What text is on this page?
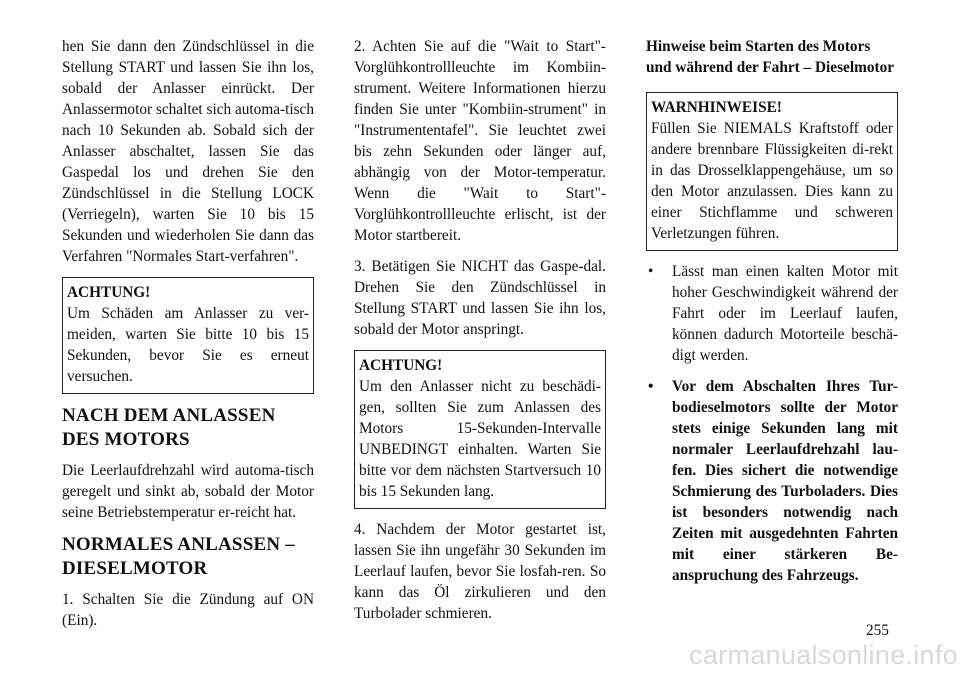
hen Sie dann den Zündschlüssel in die Stellung START und lassen Sie ihn los, sobald der Anlasser einrückt. Der Anlassermotor schaltet sich automa-tisch nach 10 Sekunden ab. Sobald sich der Anlasser abschaltet, lassen Sie das Gaspedal los und drehen Sie den Zündschlüssel in die Stellung LOCK (Verriegeln), warten Sie 10 bis 15 Sekunden und wiederholen Sie dann das Verfahren "Normales Start-verfahren".

ACHTUNG!

Um Schäden am Anlasser zu ver-meiden, warten Sie bitte 10 bis 15 Sekunden, bevor Sie es erneut versuchen.

NACH DEM ANLASSEN DES MOTORS

Die Leerlaufdrehzahl wird automa-tisch geregelt und sinkt ab, sobald der Motor seine Betriebstemperatur er-reicht hat.

NORMALES ANLASSEN – DIESELMOTOR

1. Schalten Sie die Zündung auf ON (Ein).

2. Achten Sie auf die "Wait to Start"-Vorglühkontrollleuchte im Kombiin-strument. Weitere Informationen hierzu finden Sie unter "Kombiin-strument" in "Instrumententafel". Sie leuchtet zwei bis zehn Sekunden oder länger auf, abhängig von der Motor-temperatur. Wenn die "Wait to Start"-Vorglühkontrollleuchte erlischt, ist der Motor startbereit.

3. Betätigen Sie NICHT das Gaspe-dal. Drehen Sie den Zündschlüssel in Stellung START und lassen Sie ihn los, sobald der Motor anspringt.

ACHTUNG!

Um den Anlasser nicht zu beschädi-gen, sollten Sie zum Anlassen des Motors 15-Sekunden-Intervalle UNBEDINGT einhalten. Warten Sie bitte vor dem nächsten Startversuch 10 bis 15 Sekunden lang.

4. Nachdem der Motor gestartet ist, lassen Sie ihn ungefähr 30 Sekunden im Leerlauf laufen, bevor Sie losfah-ren. So kann das Öl zirkulieren und den Turbolader schmieren.

Hinweise beim Starten des Motors und während der Fahrt – Dieselmotor
WARNHINWEISE!

Füllen Sie NIEMALS Kraftstoff oder andere brennbare Flüssigkeiten di-rekt in das Drosselklappengehäuse, um so den Motor anzulassen. Dies kann zu einer Stichflamme und schweren Verletzungen führen.

• Lässt man einen kalten Motor mit hoher Geschwindigkeit während der Fahrt oder im Leerlauf laufen, können dadurch Motorteile beschä-digt werden.
• Vor dem Abschalten Ihres Tur-bodieselmotors sollte der Motor stets einige Sekunden lang mit normaler Leerlaufdrehzahl lau-fen. Dies sichert die notwendige Schmierung des Turboladers. Dies ist besonders notwendig nach Zeiten mit ausgedehnten Fahrten mit einer stärkeren Be-anspruchung des Fahrzeugs.
255
carmanualsonline.info
